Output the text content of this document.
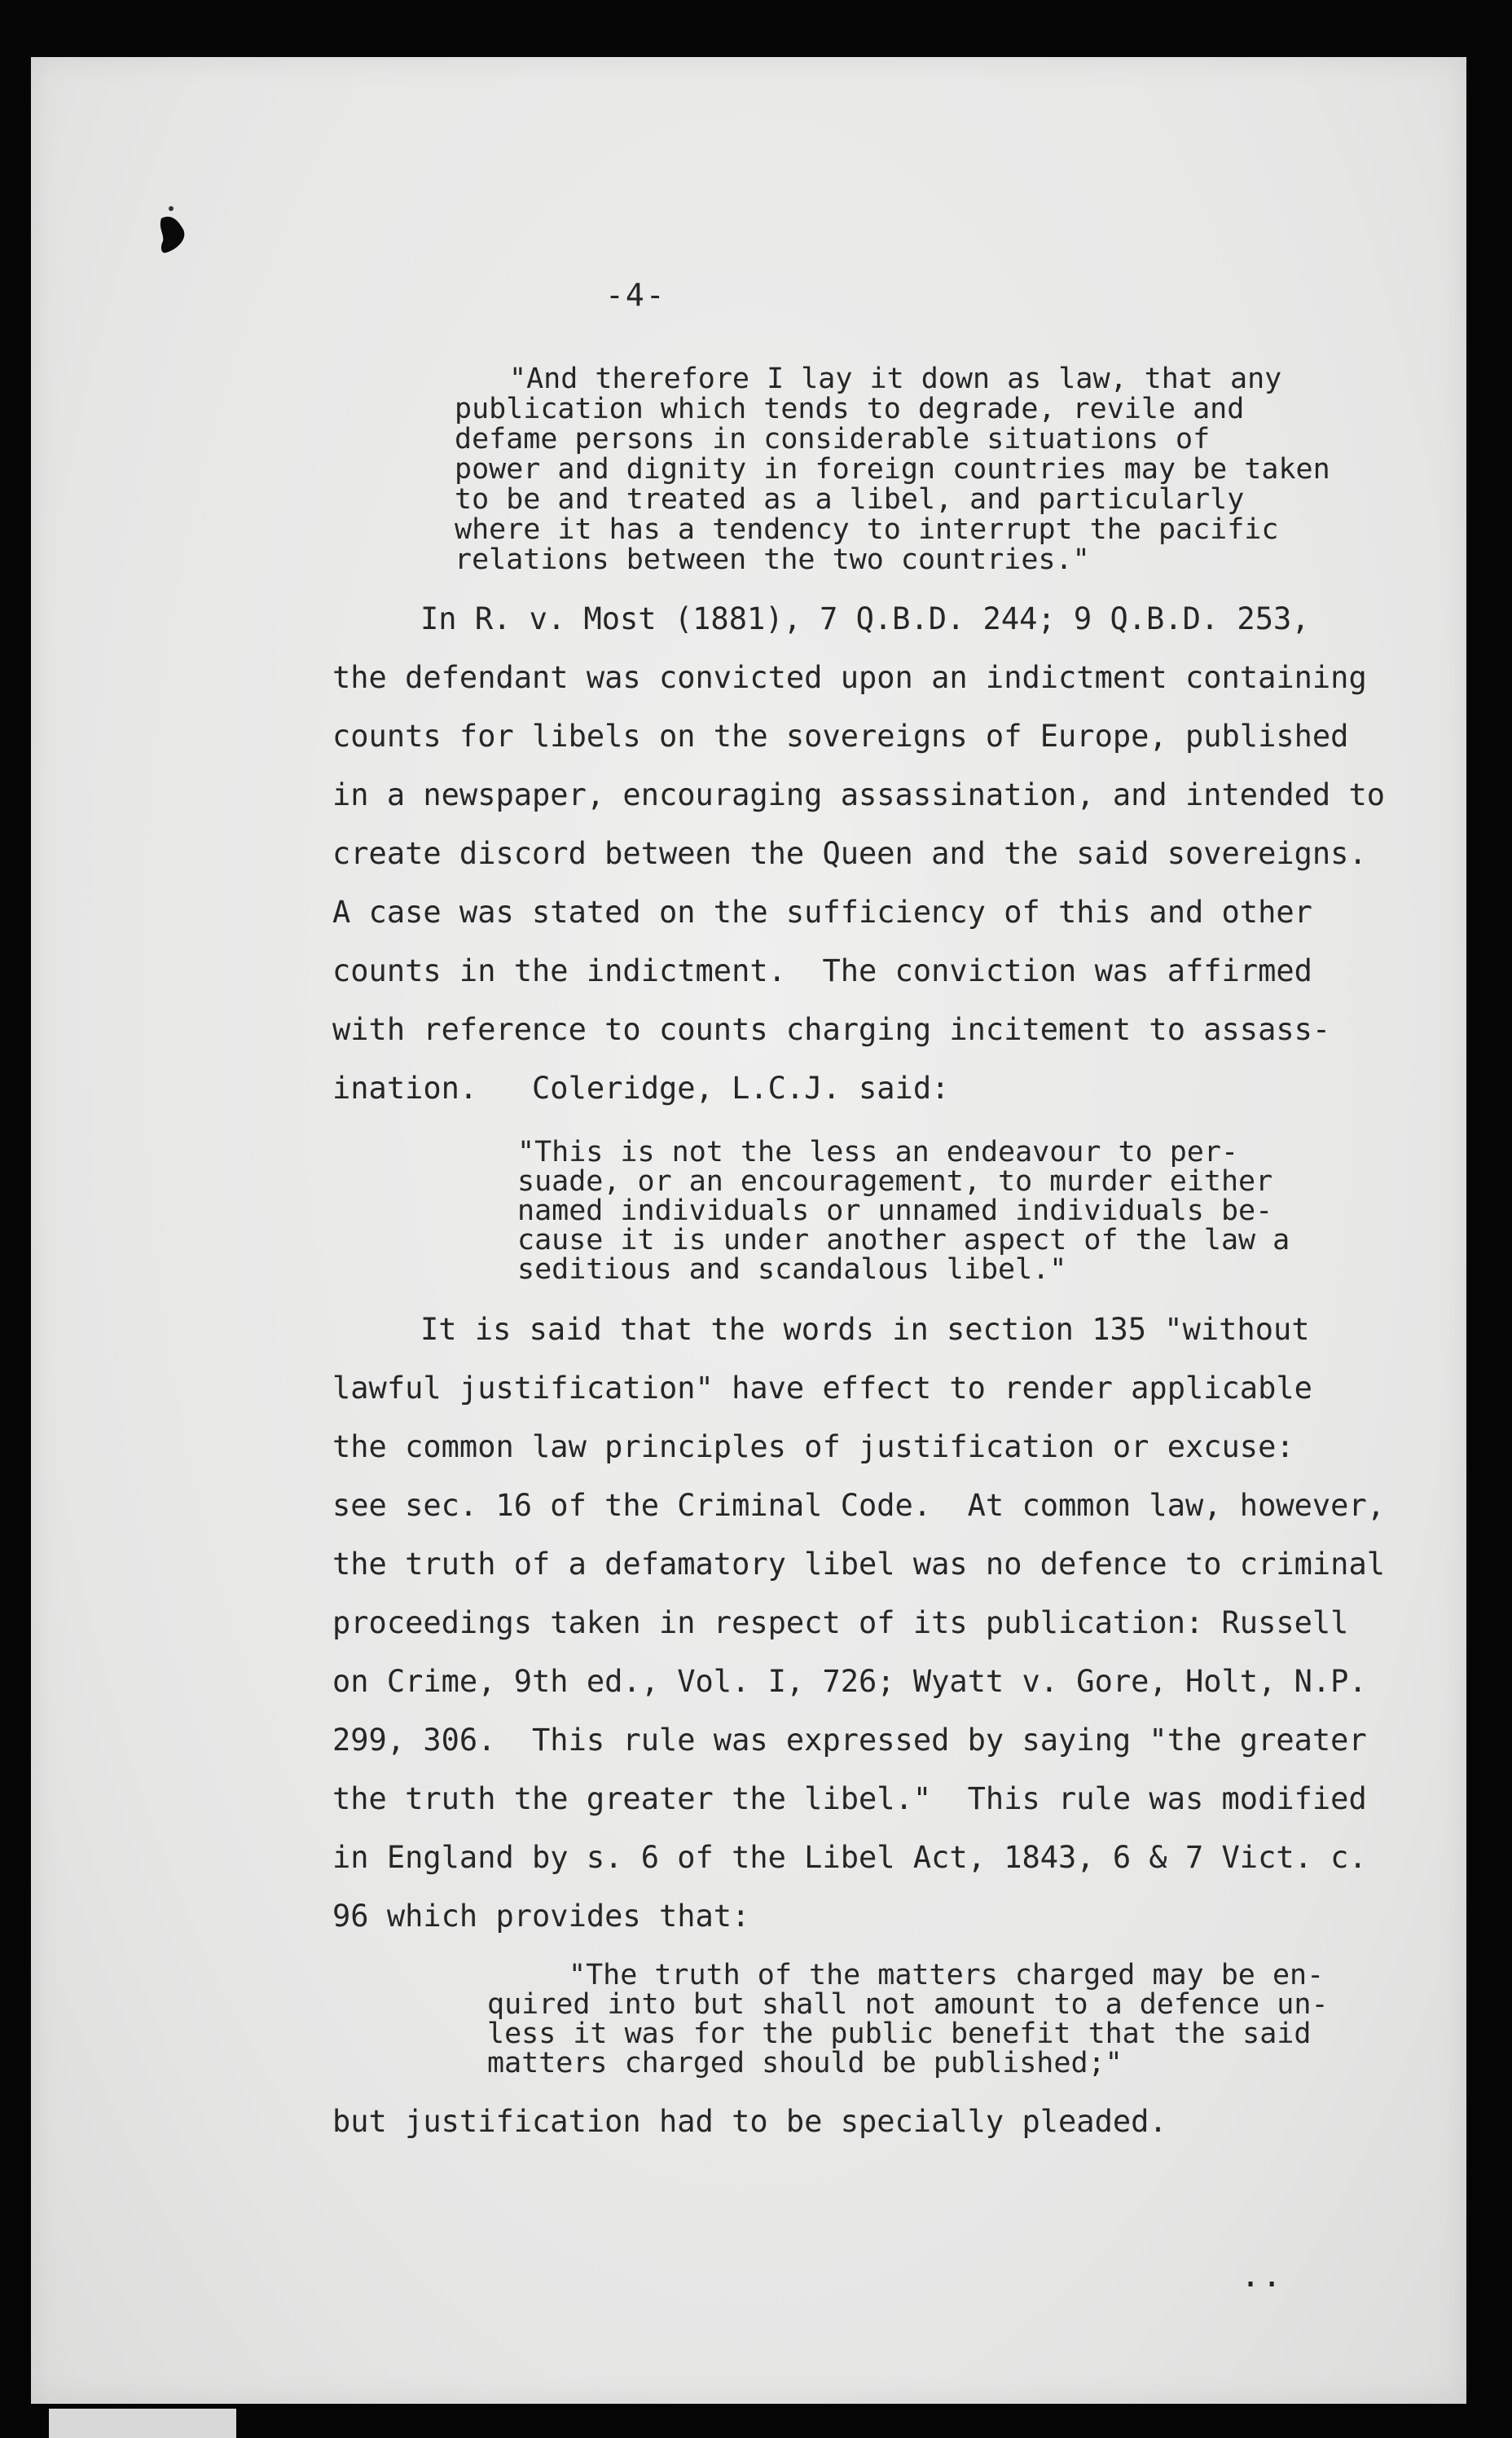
-4-
"And therefore I lay it down as law, that any
publication which tends to degrade, revile and
defame persons in considerable situations of
power and dignity in foreign countries may be taken
to be and treated as a libel, and particularly
where it has a tendency to interrupt the pacific
relations between the two countries."
In R. v. Most (1881), 7 Q.B.D. 244; 9 Q.B.D. 253,
the defendant was convicted upon an indictment containing
counts for libels on the sovereigns of Europe, published
in a newspaper, encouraging assassination, and intended to
create discord between the Queen and the said sovereigns.
A case was stated on the sufficiency of this and other
counts in the indictment.  The conviction was affirmed
with reference to counts charging incitement to assass-
ination.   Coleridge, L.C.J. said:
"This is not the less an endeavour to per-
suade, or an encouragement, to murder either
named individuals or unnamed individuals be-
cause it is under another aspect of the law a
seditious and scandalous libel."
It is said that the words in section 135 "without
lawful justification" have effect to render applicable
the common law principles of justification or excuse:
see sec. 16 of the Criminal Code.  At common law, however,
the truth of a defamatory libel was no defence to criminal
proceedings taken in respect of its publication: Russell
on Crime, 9th ed., Vol. I, 726; Wyatt v. Gore, Holt, N.P.
299, 306.  This rule was expressed by saying "the greater
the truth the greater the libel."  This rule was modified
in England by s. 6 of the Libel Act, 1843, 6 & 7 Vict. c.
96 which provides that:
"The truth of the matters charged may be en-
quired into but shall not amount to a defence un-
less it was for the public benefit that the said
matters charged should be published;"
but justification had to be specially pleaded.
..
